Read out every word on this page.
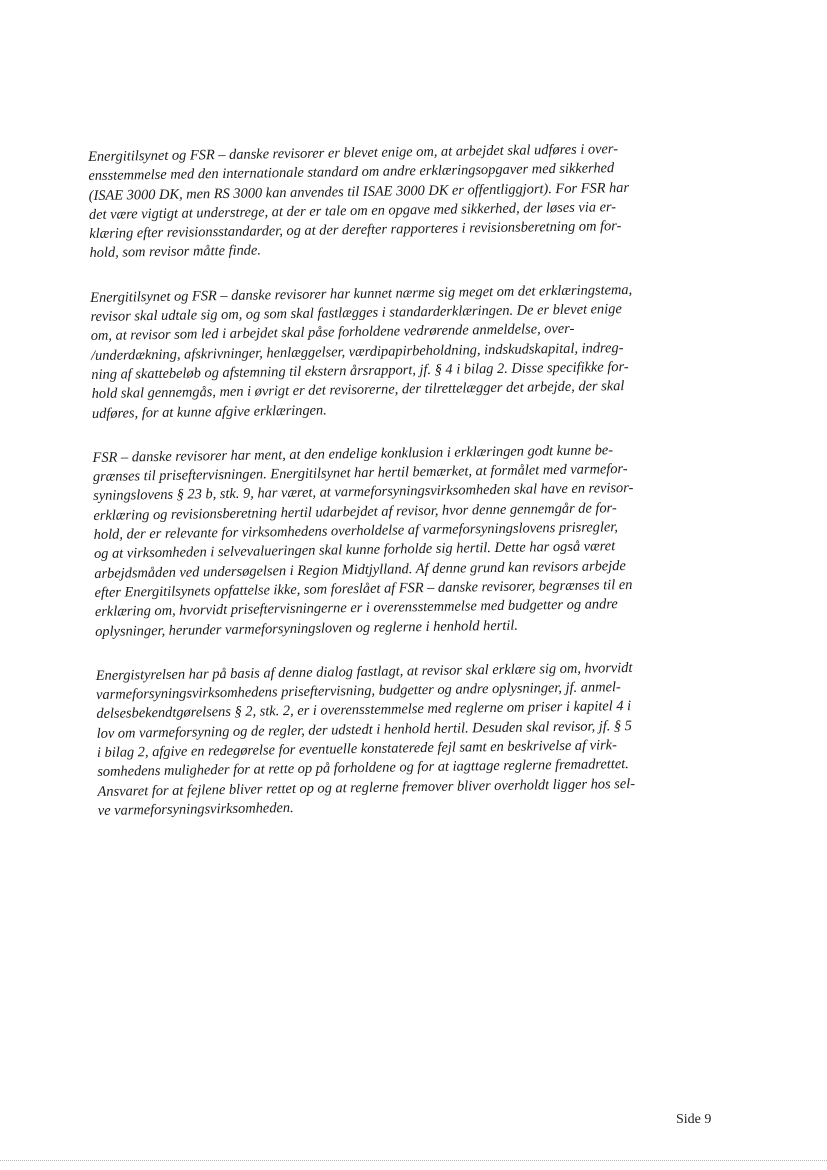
Energitilsynet og FSR – danske revisorer er blevet enige om, at arbejdet skal udføres i over-
ensstemmelse med den internationale standard om andre erklæringsopgaver med sikkerhed
(ISAE 3000 DK, men RS 3000 kan anvendes til ISAE 3000 DK er offentliggjort). For FSR har
det være vigtigt at understrege, at der er tale om en opgave med sikkerhed, der løses via er-
klæring efter revisionsstandarder, og at der derefter rapporteres i revisionsberetning om for-
hold, som revisor måtte finde.

Energitilsynet og FSR – danske revisorer har kunnet nærme sig meget om det erklæringstema,
revisor skal udtale sig om, og som skal fastlægges i standarderklæringen. De er blevet enige
om, at revisor som led i arbejdet skal påse forholdene vedrørende anmeldelse, over-
/underdækning, afskrivninger, henlæggelser, værdipapirbeholdning, indskudskapital, indreg-
ning af skattebeløb og afstemning til ekstern årsrapport, jf. § 4 i bilag 2. Disse specifikke for-
hold skal gennemgås, men i øvrigt er det revisorerne, der tilrettelægger det arbejde, der skal
udføres, for at kunne afgive erklæringen.

FSR – danske revisorer har ment, at den endelige konklusion i erklæringen godt kunne be-
grænses til priseftervisningen. Energitilsynet har hertil bemærket, at formålet med varmefor-
syningslovens § 23 b, stk. 9, har været, at varmeforsyningsvirksomheden skal have en revisor-
erklæring og revisionsberetning hertil udarbejdet af revisor, hvor denne gennemgår de for-
hold, der er relevante for virksomhedens overholdelse af varmeforsyningslovens prisregler,
og at virksomheden i selvevalueringen skal kunne forholde sig hertil. Dette har også været
arbejdsmåden ved undersøgelsen i Region Midtjylland. Af denne grund kan revisors arbejde
efter Energitilsynets opfattelse ikke, som foreslået af FSR – danske revisorer, begrænses til en
erklæring om, hvorvidt priseftervisningerne er i overensstemmelse med budgetter og andre
oplysninger, herunder varmeforsyningsloven og reglerne i henhold hertil.

Energistyrelsen har på basis af denne dialog fastlagt, at revisor skal erklære sig om, hvorvidt
varmeforsyningsvirksomhedens priseftervisning, budgetter og andre oplysninger, jf. anmel-
delsesbekendtgørelsens § 2, stk. 2, er i overensstemmelse med reglerne om priser i kapitel 4 i
lov om varmeforsyning og de regler, der udstedt i henhold hertil. Desuden skal revisor, jf. § 5
i bilag 2, afgive en redegørelse for eventuelle konstaterede fejl samt en beskrivelse af virk-
somhedens muligheder for at rette op på forholdene og for at iagttage reglerne fremadrettet.
Ansvaret for at fejlene bliver rettet op og at reglerne fremover bliver overholdt ligger hos sel-
ve varmeforsyningsvirksomheden.

Side 9
